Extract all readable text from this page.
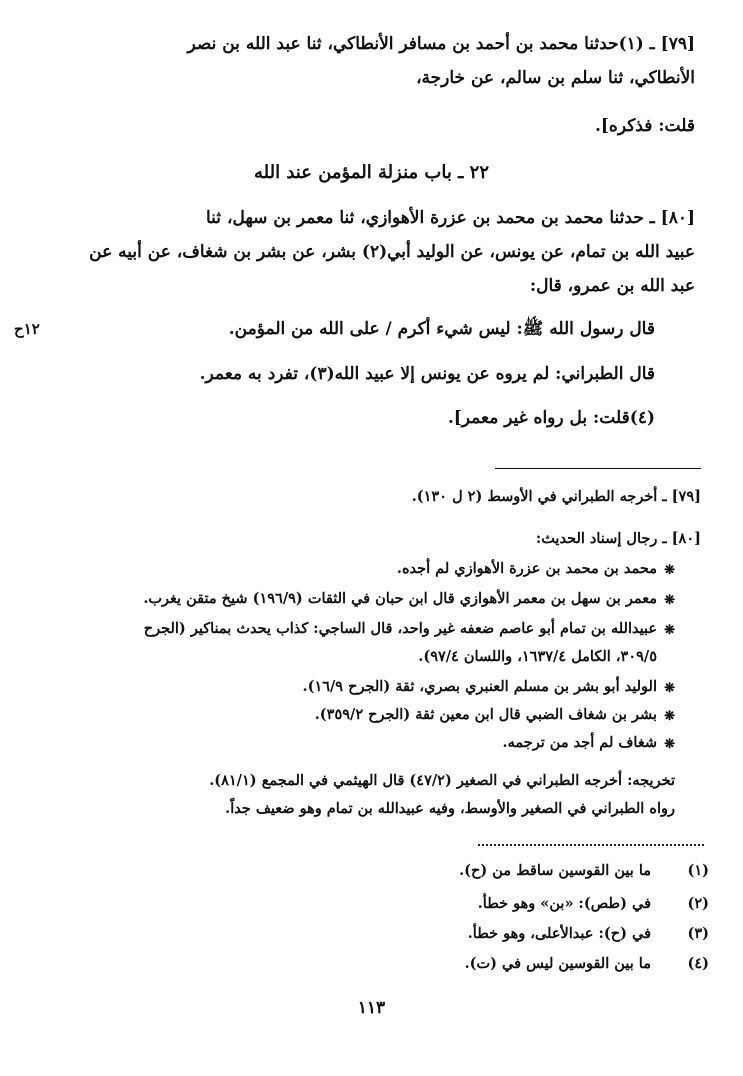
[٧٩] ـ (١)حدثنا محمد بن أحمد بن مسافر الأنطاكي، ثنا عبد الله بن نصر
الأنطاكي، ثنا سلم بن سالم، عن خارجة،
قلت: فذكره].
٢٢ ـ باب منزلة المؤمن عند الله
[٨٠] ـ حدثنا محمد بن محمد بن عزرة الأهوازي، ثنا معمر بن سهل، ثنا
عبيد الله بن تمام، عن يونس، عن الوليد أبي(٢) بشر، عن بشر بن شغاف، عن أبيه عن
عبد الله بن عمرو، قال:
١٢ح	قال رسول الله ﷺ: ليس شيء أكرم / على الله من المؤمن.
قال الطبراني: لم يروه عن يونس إلا عبيد الله(٣)، تفرد به معمر.
(٤)قلت: بل رواه غير معمر].
[٧٩] ـ أخرجه الطبراني في الأوسط (٢ ل ١٣٠).
[٨٠] ـ رجال إسناد الحديث:
❋
محمد بن محمد بن عزرة الأهوازي لم أجده.
❋
معمر بن سهل بن معمر الأهوازي قال ابن حبان في الثقات (١٩٦/٩) شيخ متقن يغرب.
❋
عبيدالله بن تمام أبو عاصم ضعفه غير واحد، قال الساجي: كذاب يحدث بمناكير (الجرح
٣٠٩/٥، الكامل ١٦٣٧/٤، واللسان ٩٧/٤).
❋
الوليد أبو بشر بن مسلم العنبري بصري، ثقة (الجرح ١٦/٩).
❋
بشر بن شغاف الضبي قال ابن معين ثقة (الجرح ٣٥٩/٢).
❋
شغاف لم أجد من ترجمه.
تخريجه: أخرجه الطبراني في الصغير (٤٧/٢) قال الهيثمي في المجمع (٨١/١).
رواه الطبراني في الصغير والأوسط، وفيه عبيدالله بن تمام وهو ضعيف جداً.
(١)
ما بين القوسين ساقط من (ح).
(٢)
في (طص): «بن» وهو خطأ.
(٣)
في (ح): عبدالأعلى، وهو خطأ.
(٤)
ما بين القوسين ليس في (ت).
١١٣
